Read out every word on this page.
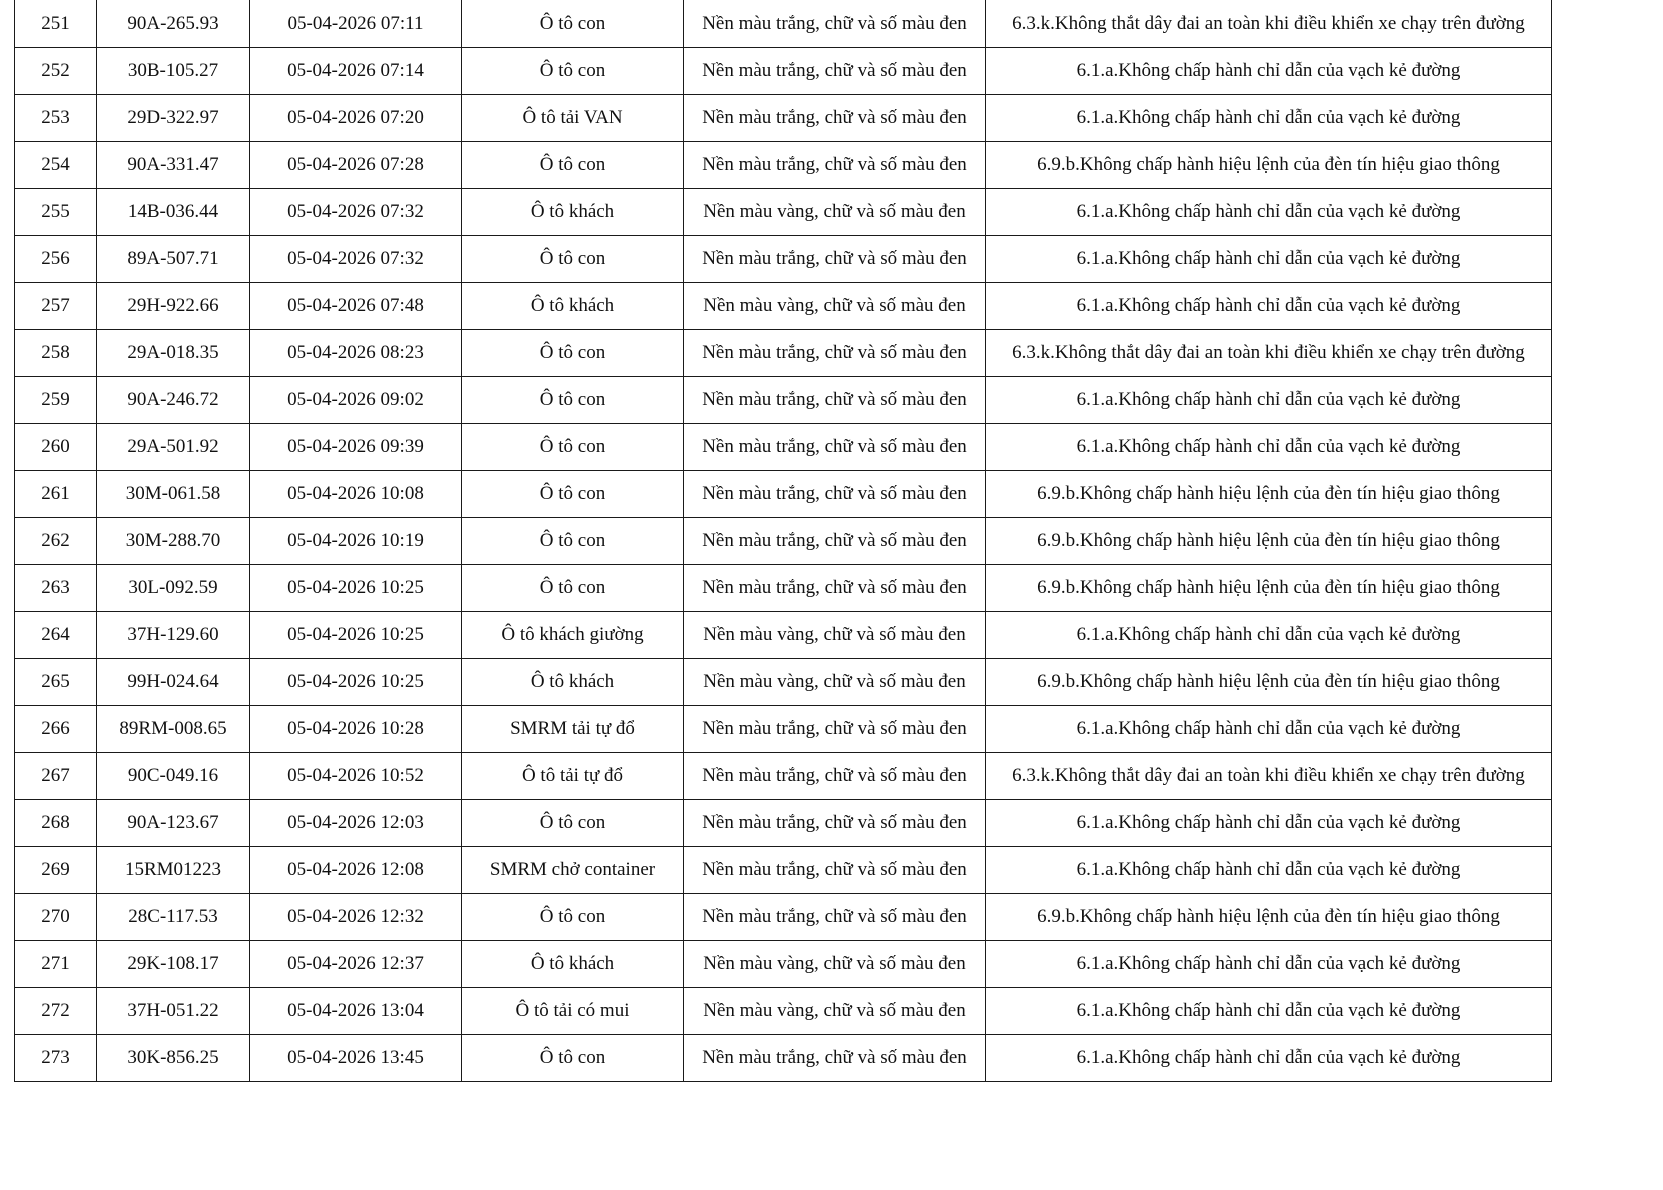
251	90A-265.93	05-04-2026 07:11	Ô tô con	Nền màu trắng, chữ và số màu đen	6.3.k.Không thắt dây đai an toàn khi điều khiển xe chạy trên đường
252	30B-105.27	05-04-2026 07:14	Ô tô con	Nền màu trắng, chữ và số màu đen	6.1.a.Không chấp hành chỉ dẫn của vạch kẻ đường
253	29D-322.97	05-04-2026 07:20	Ô tô tải VAN	Nền màu trắng, chữ và số màu đen	6.1.a.Không chấp hành chỉ dẫn của vạch kẻ đường
254	90A-331.47	05-04-2026 07:28	Ô tô con	Nền màu trắng, chữ và số màu đen	6.9.b.Không chấp hành hiệu lệnh của đèn tín hiệu giao thông
255	14B-036.44	05-04-2026 07:32	Ô tô khách	Nền màu vàng, chữ và số màu đen	6.1.a.Không chấp hành chỉ dẫn của vạch kẻ đường
256	89A-507.71	05-04-2026 07:32	Ô tô con	Nền màu trắng, chữ và số màu đen	6.1.a.Không chấp hành chỉ dẫn của vạch kẻ đường
257	29H-922.66	05-04-2026 07:48	Ô tô khách	Nền màu vàng, chữ và số màu đen	6.1.a.Không chấp hành chỉ dẫn của vạch kẻ đường
258	29A-018.35	05-04-2026 08:23	Ô tô con	Nền màu trắng, chữ và số màu đen	6.3.k.Không thắt dây đai an toàn khi điều khiển xe chạy trên đường
259	90A-246.72	05-04-2026 09:02	Ô tô con	Nền màu trắng, chữ và số màu đen	6.1.a.Không chấp hành chỉ dẫn của vạch kẻ đường
260	29A-501.92	05-04-2026 09:39	Ô tô con	Nền màu trắng, chữ và số màu đen	6.1.a.Không chấp hành chỉ dẫn của vạch kẻ đường
261	30M-061.58	05-04-2026 10:08	Ô tô con	Nền màu trắng, chữ và số màu đen	6.9.b.Không chấp hành hiệu lệnh của đèn tín hiệu giao thông
262	30M-288.70	05-04-2026 10:19	Ô tô con	Nền màu trắng, chữ và số màu đen	6.9.b.Không chấp hành hiệu lệnh của đèn tín hiệu giao thông
263	30L-092.59	05-04-2026 10:25	Ô tô con	Nền màu trắng, chữ và số màu đen	6.9.b.Không chấp hành hiệu lệnh của đèn tín hiệu giao thông
264	37H-129.60	05-04-2026 10:25	Ô tô khách giường	Nền màu vàng, chữ và số màu đen	6.1.a.Không chấp hành chỉ dẫn của vạch kẻ đường
265	99H-024.64	05-04-2026 10:25	Ô tô khách	Nền màu vàng, chữ và số màu đen	6.9.b.Không chấp hành hiệu lệnh của đèn tín hiệu giao thông
266	89RM-008.65	05-04-2026 10:28	SMRM tải tự đổ	Nền màu trắng, chữ và số màu đen	6.1.a.Không chấp hành chỉ dẫn của vạch kẻ đường
267	90C-049.16	05-04-2026 10:52	Ô tô tải tự đổ	Nền màu trắng, chữ và số màu đen	6.3.k.Không thắt dây đai an toàn khi điều khiển xe chạy trên đường
268	90A-123.67	05-04-2026 12:03	Ô tô con	Nền màu trắng, chữ và số màu đen	6.1.a.Không chấp hành chỉ dẫn của vạch kẻ đường
269	15RM01223	05-04-2026 12:08	SMRM chở container	Nền màu trắng, chữ và số màu đen	6.1.a.Không chấp hành chỉ dẫn của vạch kẻ đường
270	28C-117.53	05-04-2026 12:32	Ô tô con	Nền màu trắng, chữ và số màu đen	6.9.b.Không chấp hành hiệu lệnh của đèn tín hiệu giao thông
271	29K-108.17	05-04-2026 12:37	Ô tô khách	Nền màu vàng, chữ và số màu đen	6.1.a.Không chấp hành chỉ dẫn của vạch kẻ đường
272	37H-051.22	05-04-2026 13:04	Ô tô tải có mui	Nền màu vàng, chữ và số màu đen	6.1.a.Không chấp hành chỉ dẫn của vạch kẻ đường
273	30K-856.25	05-04-2026 13:45	Ô tô con	Nền màu trắng, chữ và số màu đen	6.1.a.Không chấp hành chỉ dẫn của vạch kẻ đường
